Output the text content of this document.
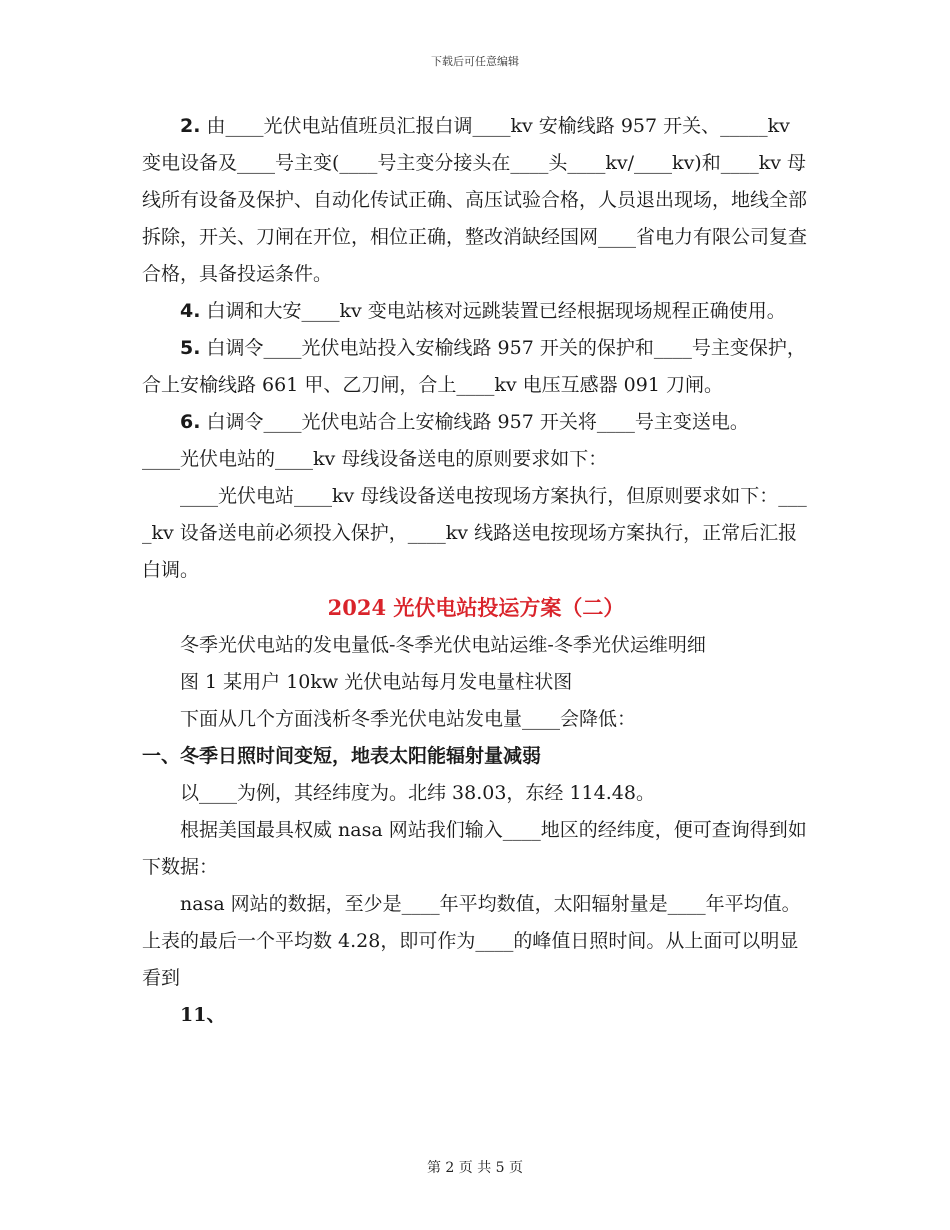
下载后可任意编辑

2. 由____光伏电站值班员汇报白调____kv 安榆线路 957 开关、_____kv 变电设备及____号主变(____号主变分接头在____头____kv/____kv)和____kv 母线所有设备及保护、自动化传试正确、高压试验合格，人员退出现场，地线全部拆除，开关、刀闸在开位，相位正确，整改消缺经国网____省电力有限公司复查合格，具备投运条件。

4. 白调和大安____kv 变电站核对远跳装置已经根据现场规程正确使用。

5. 白调令____光伏电站投入安榆线路 957 开关的保护和____号主变保护，合上安榆线路 661 甲、乙刀闸，合上____kv 电压互感器 091 刀闸。

6. 白调令____光伏电站合上安榆线路 957 开关将____号主变送电。

____光伏电站的____kv 母线设备送电的原则要求如下：

____光伏电站____kv 母线设备送电按现场方案执行，但原则要求如下：____kv 设备送电前必须投入保护，____kv 线路送电按现场方案执行，正常后汇报白调。

2024 光伏电站投运方案（二）

冬季光伏电站的发电量低-冬季光伏电站运维-冬季光伏运维明细

图 1 某用户 10kw 光伏电站每月发电量柱状图

下面从几个方面浅析冬季光伏电站发电量____会降低：

一、冬季日照时间变短，地表太阳能辐射量减弱

以____为例，其经纬度为。北纬 38.03，东经 114.48。

根据美国最具权威 nasa 网站我们输入____地区的经纬度，便可查询得到如下数据：

nasa 网站的数据，至少是____年平均数值，太阳辐射量是____年平均值。上表的最后一个平均数 4.28，即可作为____的峰值日照时间。从上面可以明显看到

11、

第 2 页 共 5 页
